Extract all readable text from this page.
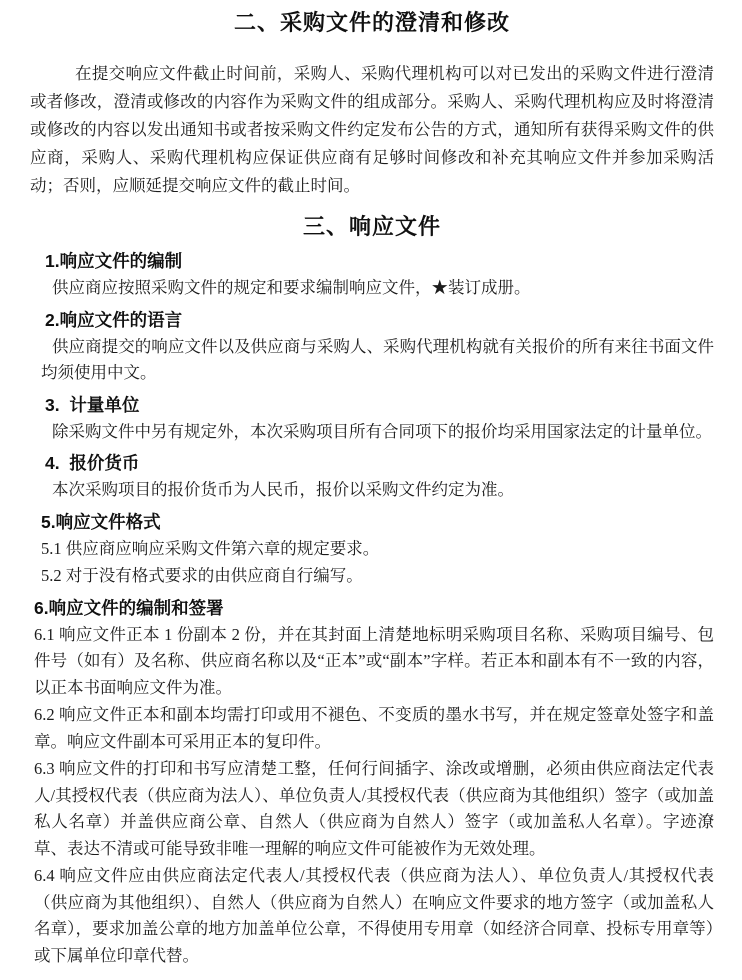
二、采购文件的澄清和修改

在提交响应文件截止时间前，采购人、采购代理机构可以对已发出的采购文件进行澄清或者修改，澄清或修改的内容作为采购文件的组成部分。采购人、采购代理机构应及时将澄清或修改的内容以发出通知书或者按采购文件约定发布公告的方式，通知所有获得采购文件的供应商，采购人、采购代理机构应保证供应商有足够时间修改和补充其响应文件并参加采购活动；否则，应顺延提交响应文件的截止时间。

三、响应文件
1.响应文件的编制

供应商应按照采购文件的规定和要求编制响应文件，★装订成册。

2.响应文件的语言

供应商提交的响应文件以及供应商与采购人、采购代理机构就有关报价的所有来往书面文件均须使用中文。

3.  计量单位

除采购文件中另有规定外，本次采购项目所有合同项下的报价均采用国家法定的计量单位。

4.  报价货币

本次采购项目的报价货币为人民币，报价以采购文件约定为准。

5.响应文件格式

5.1 供应商应响应采购文件第六章的规定要求。

5.2 对于没有格式要求的由供应商自行编写。

6.响应文件的编制和签署

6.1 响应文件正本 1 份副本 2 份，并在其封面上清楚地标明采购项目名称、采购项目编号、包件号（如有）及名称、供应商名称以及“正本”或“副本”字样。若正本和副本有不一致的内容，以正本书面响应文件为准。

6.2 响应文件正本和副本均需打印或用不褪色、不变质的墨水书写，并在规定签章处签字和盖章。响应文件副本可采用正本的复印件。

6.3 响应文件的打印和书写应清楚工整，任何行间插字、涂改或增删，必须由供应商法定代表人/其授权代表（供应商为法人）、单位负责人/其授权代表（供应商为其他组织）签字（或加盖私人名章）并盖供应商公章、自然人（供应商为自然人）签字（或加盖私人名章）。字迹潦草、表达不清或可能导致非唯一理解的响应文件可能被作为无效处理。

6.4 响应文件应由供应商法定代表人/其授权代表（供应商为法人）、单位负责人/其授权代表（供应商为其他组织）、自然人（供应商为自然人）在响应文件要求的地方签字（或加盖私人名章），要求加盖公章的地方加盖单位公章，不得使用专用章（如经济合同章、投标专用章等）或下属单位印章代替。
